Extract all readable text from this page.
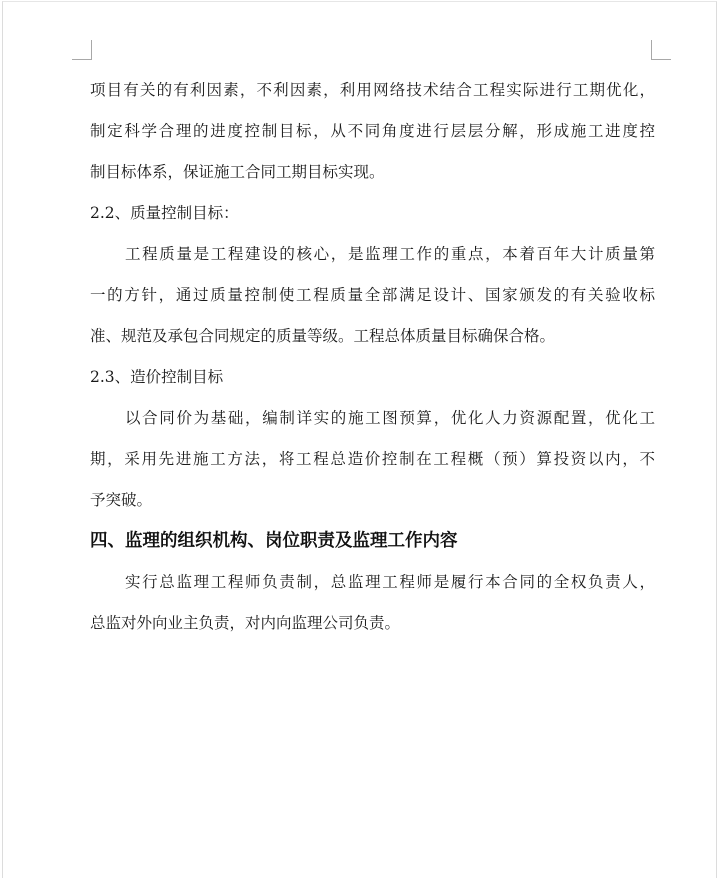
项目有关的有利因素，不利因素，利用网络技术结合工程实际进行工期优化，
制定科学合理的进度控制目标，从不同角度进行层层分解，形成施工进度控
制目标体系，保证施工合同工期目标实现。
2.2、质量控制目标：
工程质量是工程建设的核心，是监理工作的重点，本着百年大计质量第
一的方针，通过质量控制使工程质量全部满足设计、国家颁发的有关验收标
准、规范及承包合同规定的质量等级。工程总体质量目标确保合格。
2.3、造价控制目标
以合同价为基础，编制详实的施工图预算，优化人力资源配置，优化工
期，采用先进施工方法，将工程总造价控制在工程概（预）算投资以内，不
予突破。
四、监理的组织机构、岗位职责及监理工作内容
实行总监理工程师负责制，总监理工程师是履行本合同的全权负责人，
总监对外向业主负责，对内向监理公司负责。
